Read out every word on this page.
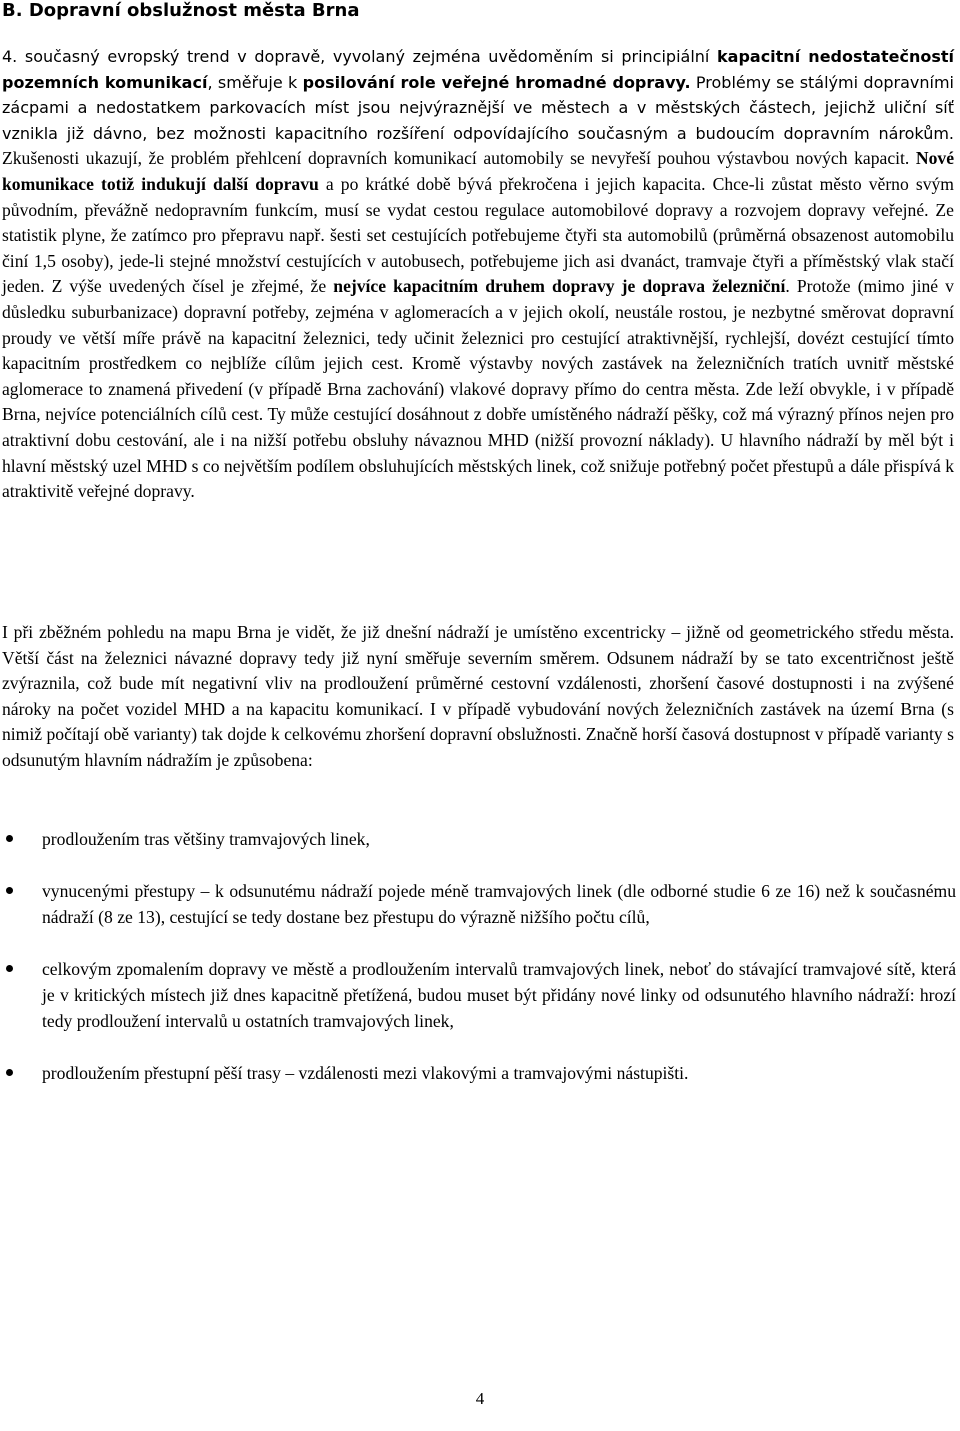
B. Dopravní obslužnost města Brna
4. současný evropský trend v dopravě, vyvolaný zejména uvědoměním si principiální kapacitní nedostatečností pozemních komunikací, směřuje k posilování role veřejné hromadné dopravy. Problémy se stálými dopravními zácpami a nedostatkem parkovacích míst jsou nejvýraznější ve městech a v městských částech, jejichž uliční síť vznikla již dávno, bez možnosti kapacitního rozšíření odpovídajícího současným a budoucím dopravním nárokům. Zkušenosti ukazují, že problém přehlcení dopravních komunikací automobily se nevyřeší pouhou výstavbou nových kapacit. Nové komunikace totiž indukují další dopravu a po krátké době bývá překročena i jejich kapacita. Chce-li zůstat město věrno svým původním, převážně nedopravním funkcím, musí se vydat cestou regulace automobilové dopravy a rozvojem dopravy veřejné. Ze statistik plyne, že zatímco pro přepravu např. šesti set cestujících potřebujeme čtyři sta automobilů (průměrná obsazenost automobilu činí 1,5 osoby), jede-li stejné množství cestujících v autobusech, potřebujeme jich asi dvanáct, tramvaje čtyři a příměstský vlak stačí jeden. Z výše uvedených čísel je zřejmé, že nejvíce kapacitním druhem dopravy je doprava železniční. Protože (mimo jiné v důsledku suburbanizace) dopravní potřeby, zejména v aglomeracích a v jejich okolí, neustále rostou, je nezbytné směrovat dopravní proudy ve větší míře právě na kapacitní železnici, tedy učinit železnici pro cestující atraktivnější, rychlejší, dovézt cestující tímto kapacitním prostředkem co nejblíže cílům jejich cest. Kromě výstavby nových zastávek na železničních tratích uvnitř městské aglomerace to znamená přivedení (v případě Brna zachování) vlakové dopravy přímo do centra města. Zde leží obvykle, i v případě Brna, nejvíce potenciálních cílů cest. Ty může cestující dosáhnout z dobře umístěného nádraží pěšky, což má výrazný přínos nejen pro atraktivní dobu cestování, ale i na nižší potřebu obsluhy návaznou MHD (nižší provozní náklady). U hlavního nádraží by měl být i hlavní městský uzel MHD s co největším podílem obsluhujících městských linek, což snižuje potřebný počet přestupů a dále přispívá k atraktivitě veřejné dopravy.
I při zběžném pohledu na mapu Brna je vidět, že již dnešní nádraží je umístěno excentricky – jižně od geometrického středu města. Větší část na železnici návazné dopravy tedy již nyní směřuje severním směrem. Odsunem nádraží by se tato excentričnost ještě zvýraznila, což bude mít negativní vliv na prodloužení průměrné cestovní vzdálenosti, zhoršení časové dostupnosti i na zvýšené nároky na počet vozidel MHD a na kapacitu komunikací. I v případě vybudování nových železničních zastávek na území Brna (s nimiž počítají obě varianty) tak dojde k celkovému zhoršení dopravní obslužnosti. Značně horší časová dostupnost v případě varianty s odsunutým hlavním nádražím je způsobena:
prodloužením tras většiny tramvajových linek,
vynucenými přestupy – k odsunutému nádraží pojede méně tramvajových linek (dle odborné studie 6 ze 16) než k současnému nádraží (8 ze 13), cestující se tedy dostane bez přestupu do výrazně nižšího počtu cílů,
celkovým zpomalením dopravy ve městě a prodloužením intervalů tramvajových linek, neboť do stávající tramvajové sítě, která je v kritických místech již dnes kapacitně přetížená, budou muset být přidány nové linky od odsunutého hlavního nádraží: hrozí tedy prodloužení intervalů u ostatních tramvajových linek,
prodloužením přestupní pěší trasy – vzdálenosti mezi vlakovými a tramvajovými nástupišti.
4
